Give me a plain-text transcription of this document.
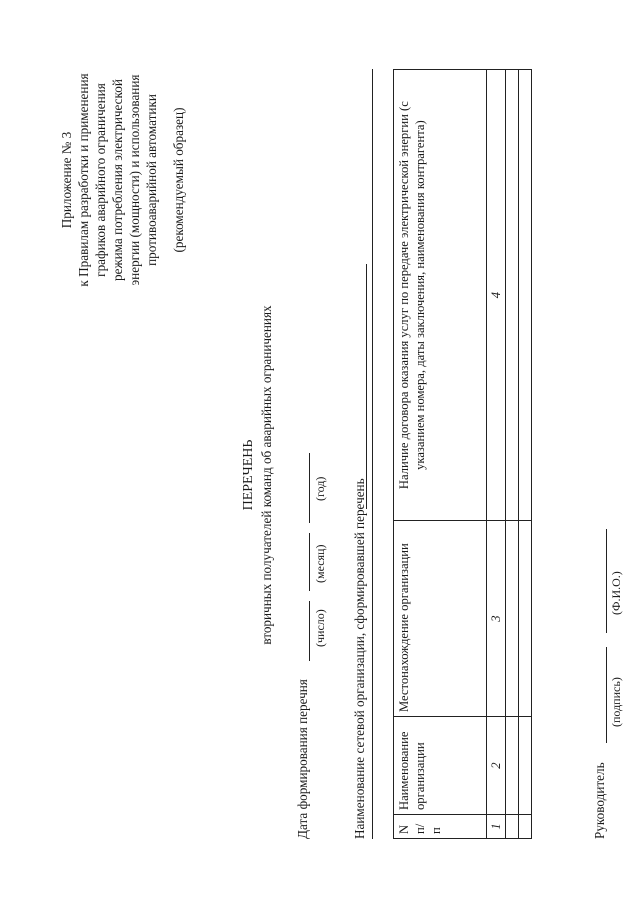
Приложение № 3 к Правилам разработки и применения графиков аварийного ограничения режима потребления электрической энергии (мощности) и использования противоаварийной автоматики (рекомендуемый образец)
ПЕРЕЧЕНЬ вторичных получателей команд об аварийных ограничениях
Дата формирования перечня
(число)
(месяц)
(год) Наименование сетевой организации, сформировавшей перечень N п/п	Наименование организации	Местонахождение организации	Наличие договора оказания услуг по передаче электрической энергии (с указанием номера, даты заключения, наименования контрагента)
1	2	3	4

Руководитель
(подпись)
(Ф.И.О.)
